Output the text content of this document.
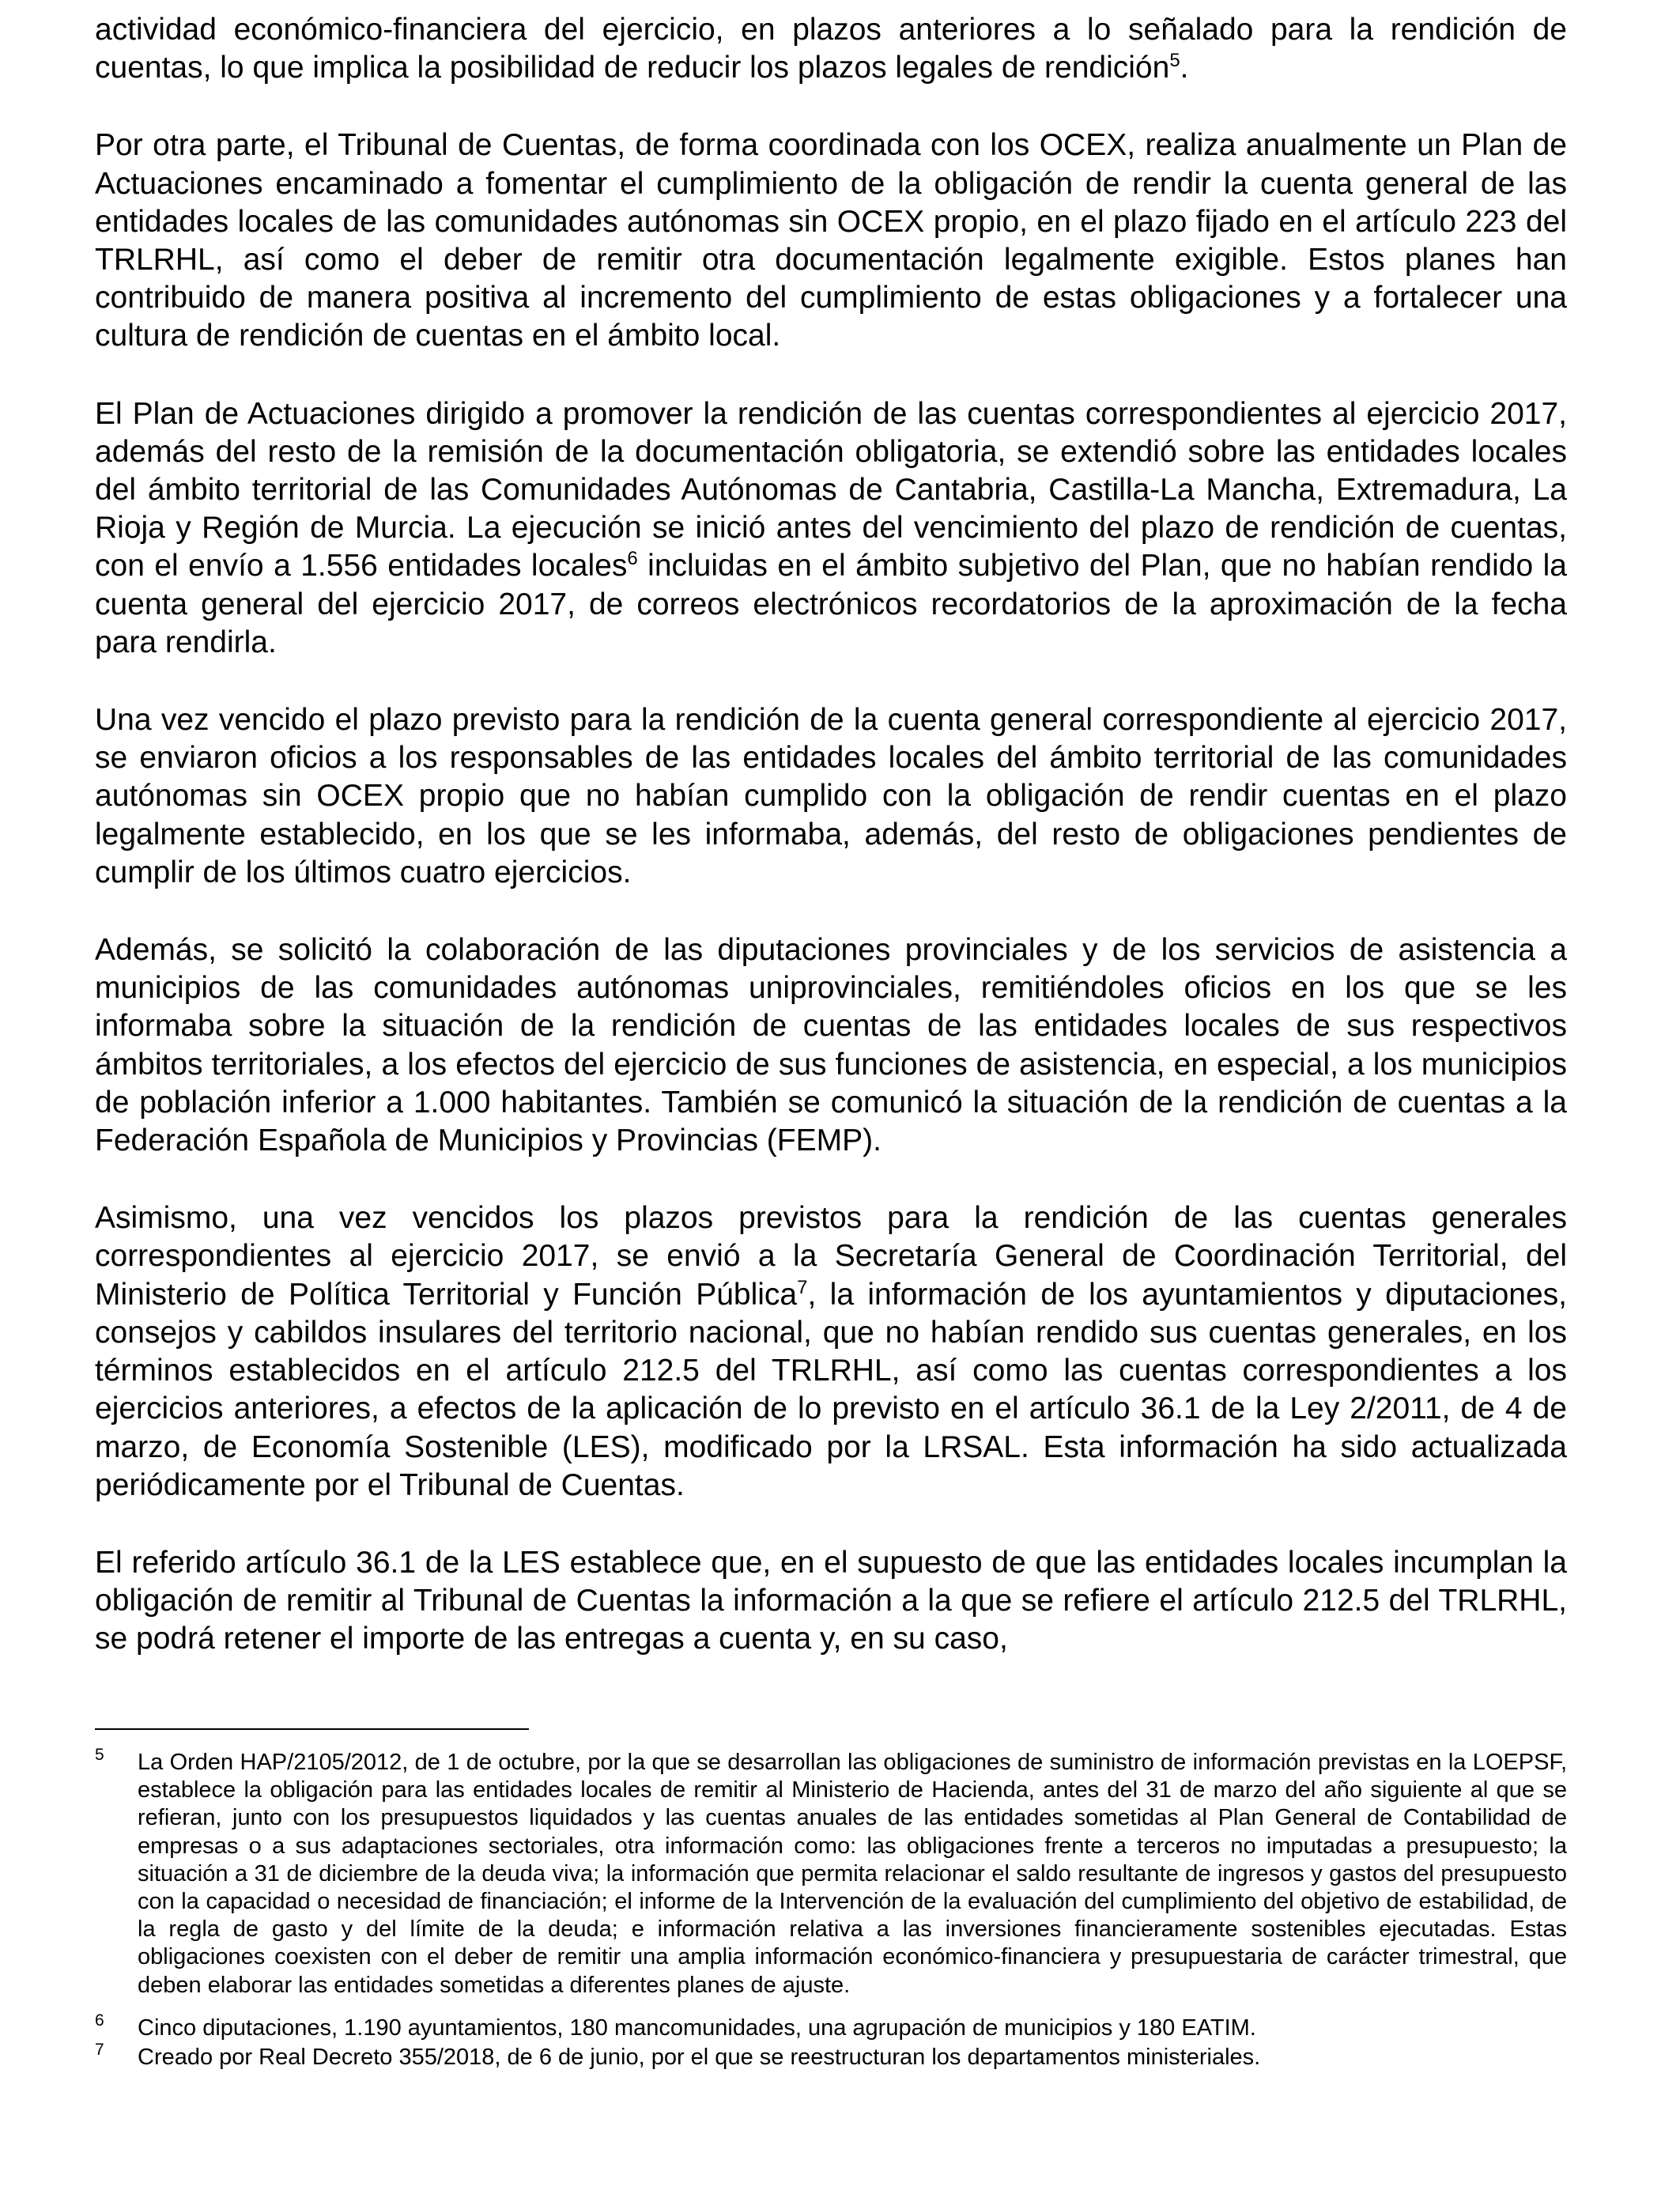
actividad económico-financiera del ejercicio, en plazos anteriores a lo señalado para la rendición de cuentas, lo que implica la posibilidad de reducir los plazos legales de rendición$^5$.

Por otra parte, el Tribunal de Cuentas, de forma coordinada con los OCEX, realiza anualmente un Plan de Actuaciones encaminado a fomentar el cumplimiento de la obligación de rendir la cuenta general de las entidades locales de las comunidades autónomas sin OCEX propio, en el plazo fijado en el artículo 223 del TRLRHL, así como el deber de remitir otra documentación legalmente exigible. Estos planes han contribuido de manera positiva al incremento del cumplimiento de estas obligaciones y a fortalecer una cultura de rendición de cuentas en el ámbito local.

El Plan de Actuaciones dirigido a promover la rendición de las cuentas correspondientes al ejercicio 2017, además del resto de la remisión de la documentación obligatoria, se extendió sobre las entidades locales del ámbito territorial de las Comunidades Autónomas de Cantabria, Castilla-La Mancha, Extremadura, La Rioja y Región de Murcia. La ejecución se inició antes del vencimiento del plazo de rendición de cuentas, con el envío a 1.556 entidades locales$^6$ incluidas en el ámbito subjetivo del Plan, que no habían rendido la cuenta general del ejercicio 2017, de correos electrónicos recordatorios de la aproximación de la fecha para rendirla.

Una vez vencido el plazo previsto para la rendición de la cuenta general correspondiente al ejercicio 2017, se enviaron oficios a los responsables de las entidades locales del ámbito territorial de las comunidades autónomas sin OCEX propio que no habían cumplido con la obligación de rendir cuentas en el plazo legalmente establecido, en los que se les informaba, además, del resto de obligaciones pendientes de cumplir de los últimos cuatro ejercicios.

Además, se solicitó la colaboración de las diputaciones provinciales y de los servicios de asistencia a municipios de las comunidades autónomas uniprovinciales, remitiéndoles oficios en los que se les informaba sobre la situación de la rendición de cuentas de las entidades locales de sus respectivos ámbitos territoriales, a los efectos del ejercicio de sus funciones de asistencia, en especial, a los municipios de población inferior a 1.000 habitantes. También se comunicó la situación de la rendición de cuentas a la Federación Española de Municipios y Provincias (FEMP).

Asimismo, una vez vencidos los plazos previstos para la rendición de las cuentas generales correspondientes al ejercicio 2017, se envió a la Secretaría General de Coordinación Territorial, del Ministerio de Política Territorial y Función Pública$^7$, la información de los ayuntamientos y diputaciones, consejos y cabildos insulares del territorio nacional, que no habían rendido sus cuentas generales, en los términos establecidos en el artículo 212.5 del TRLRHL, así como las cuentas correspondientes a los ejercicios anteriores, a efectos de la aplicación de lo previsto en el artículo 36.1 de la Ley 2/2011, de 4 de marzo, de Economía Sostenible (LES), modificado por la LRSAL. Esta información ha sido actualizada periódicamente por el Tribunal de Cuentas.

El referido artículo 36.1 de la LES establece que, en el supuesto de que las entidades locales incumplan la obligación de remitir al Tribunal de Cuentas la información a la que se refiere el artículo 212.5 del TRLRHL, se podrá retener el importe de las entregas a cuenta y, en su caso,

5 La Orden HAP/2105/2012, de 1 de octubre, por la que se desarrollan las obligaciones de suministro de información previstas en la LOEPSF, establece la obligación para las entidades locales de remitir al Ministerio de Hacienda, antes del 31 de marzo del año siguiente al que se refieran, junto con los presupuestos liquidados y las cuentas anuales de las entidades sometidas al Plan General de Contabilidad de empresas o a sus adaptaciones sectoriales, otra información como: las obligaciones frente a terceros no imputadas a presupuesto; la situación a 31 de diciembre de la deuda viva; la información que permita relacionar el saldo resultante de ingresos y gastos del presupuesto con la capacidad o necesidad de financiación; el informe de la Intervención de la evaluación del cumplimiento del objetivo de estabilidad, de la regla de gasto y del límite de la deuda; e información relativa a las inversiones financieramente sostenibles ejecutadas. Estas obligaciones coexisten con el deber de remitir una amplia información económico-financiera y presupuestaria de carácter trimestral, que deben elaborar las entidades sometidas a diferentes planes de ajuste.
6 Cinco diputaciones, 1.190 ayuntamientos, 180 mancomunidades, una agrupación de municipios y 180 EATIM.
7 Creado por Real Decreto 355/2018, de 6 de junio, por el que se reestructuran los departamentos ministeriales.
